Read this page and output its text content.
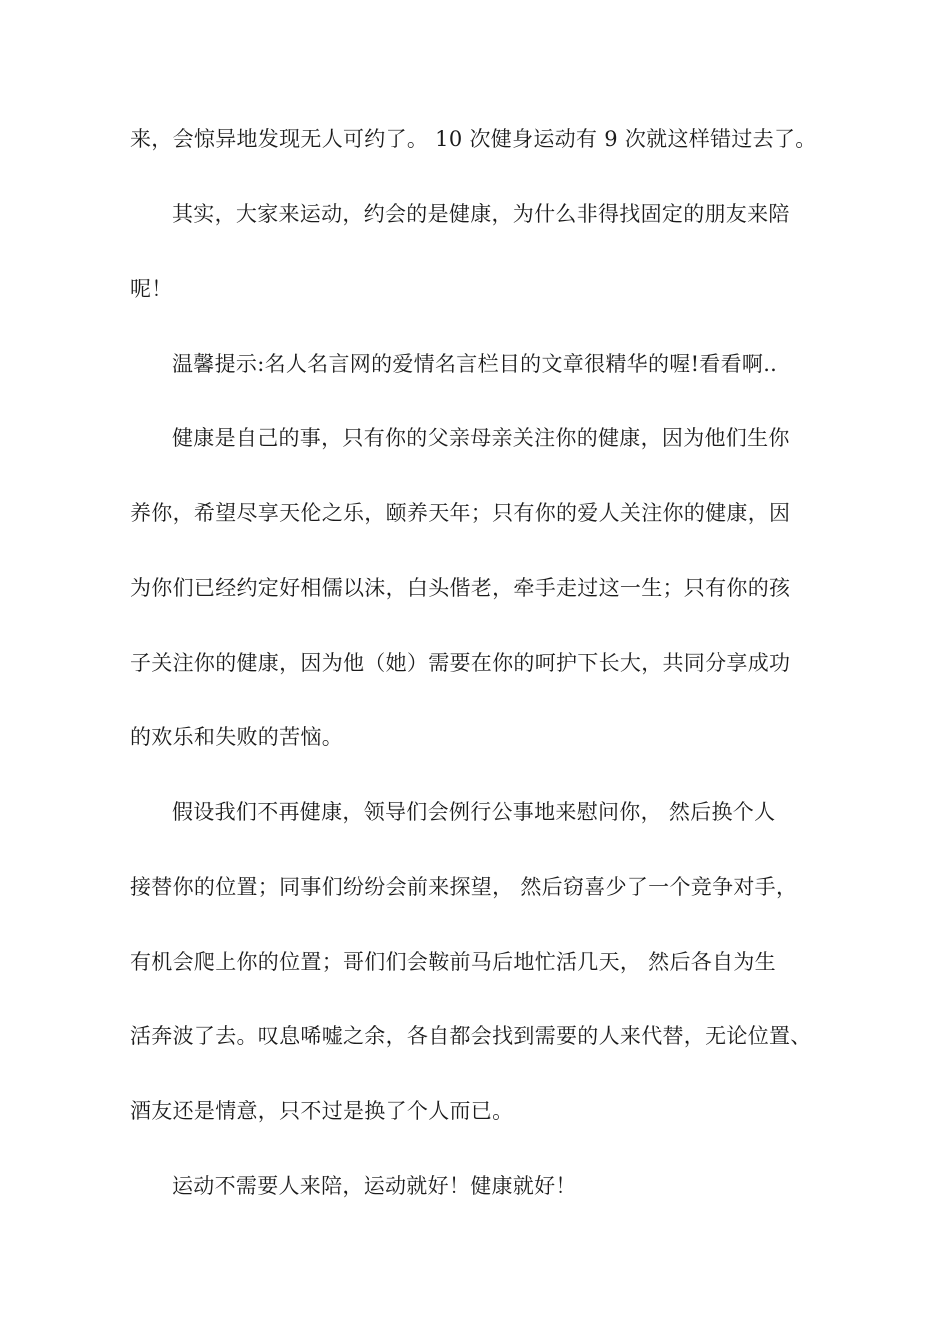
来，会惊异地发现无人可约了。 10 次健身运动有 9 次就这样错过去了。
其实，大家来运动，约会的是健康，为什么非得找固定的朋友来陪
呢！
温馨提示:名人名言网的爱情名言栏目的文章很精华的喔!看看啊..
健康是自己的事，只有你的父亲母亲关注你的健康，因为他们生你
养你，希望尽享天伦之乐，颐养天年；只有你的爱人关注你的健康，因
为你们已经约定好相儒以沫，白头偕老，牵手走过这一生；只有你的孩
子关注你的健康，因为他（她）需要在你的呵护下长大，共同分享成功
的欢乐和失败的苦恼。
假设我们不再健康，领导们会例行公事地来慰问你， 然后换个人
接替你的位置；同事们纷纷会前来探望， 然后窃喜少了一个竞争对手，
有机会爬上你的位置；哥们们会鞍前马后地忙活几天， 然后各自为生
活奔波了去。叹息唏嘘之余，各自都会找到需要的人来代替，无论位置、
酒友还是情意，只不过是换了个人而已。
运动不需要人来陪，运动就好！健康就好！
